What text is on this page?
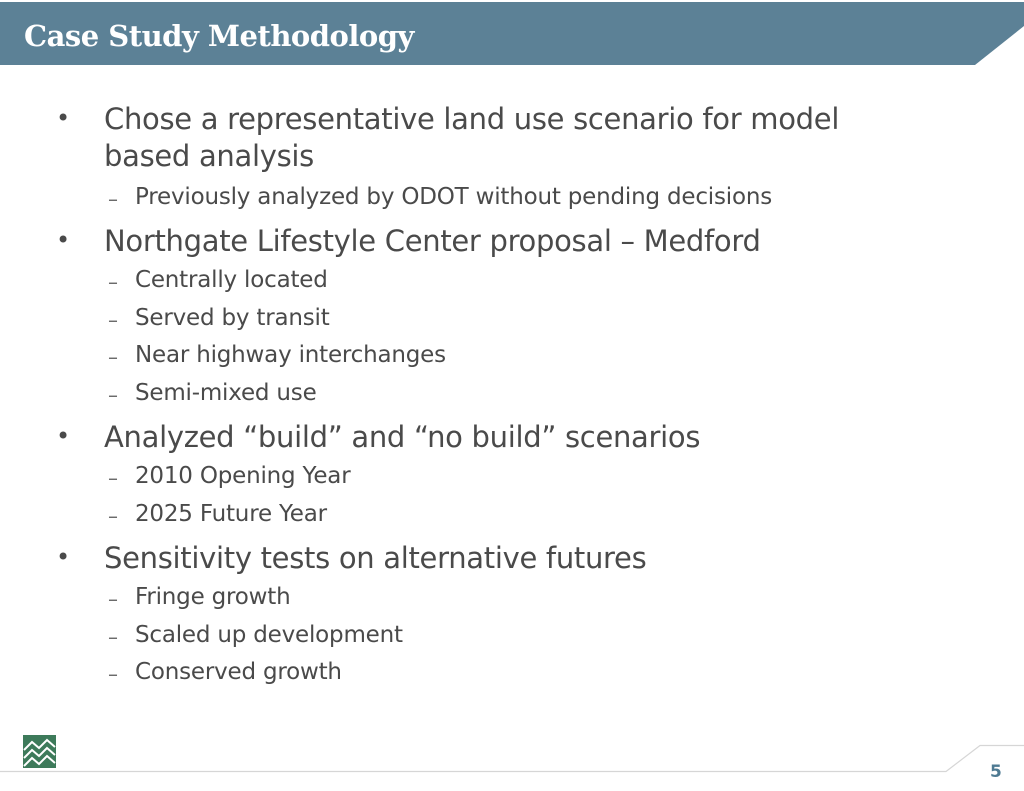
Case Study Methodology
• Chose a representative land use scenario for model
based analysis
– Previously analyzed by ODOT without pending decisions
• Northgate Lifestyle Center proposal – Medford
– Centrally located
– Served by transit
– Near highway interchanges
– Semi-mixed use
• Analyzed “build” and “no build” scenarios
– 2010 Opening Year
– 2025 Future Year
• Sensitivity tests on alternative futures
– Fringe growth
– Scaled up development
– Conserved growth
5
